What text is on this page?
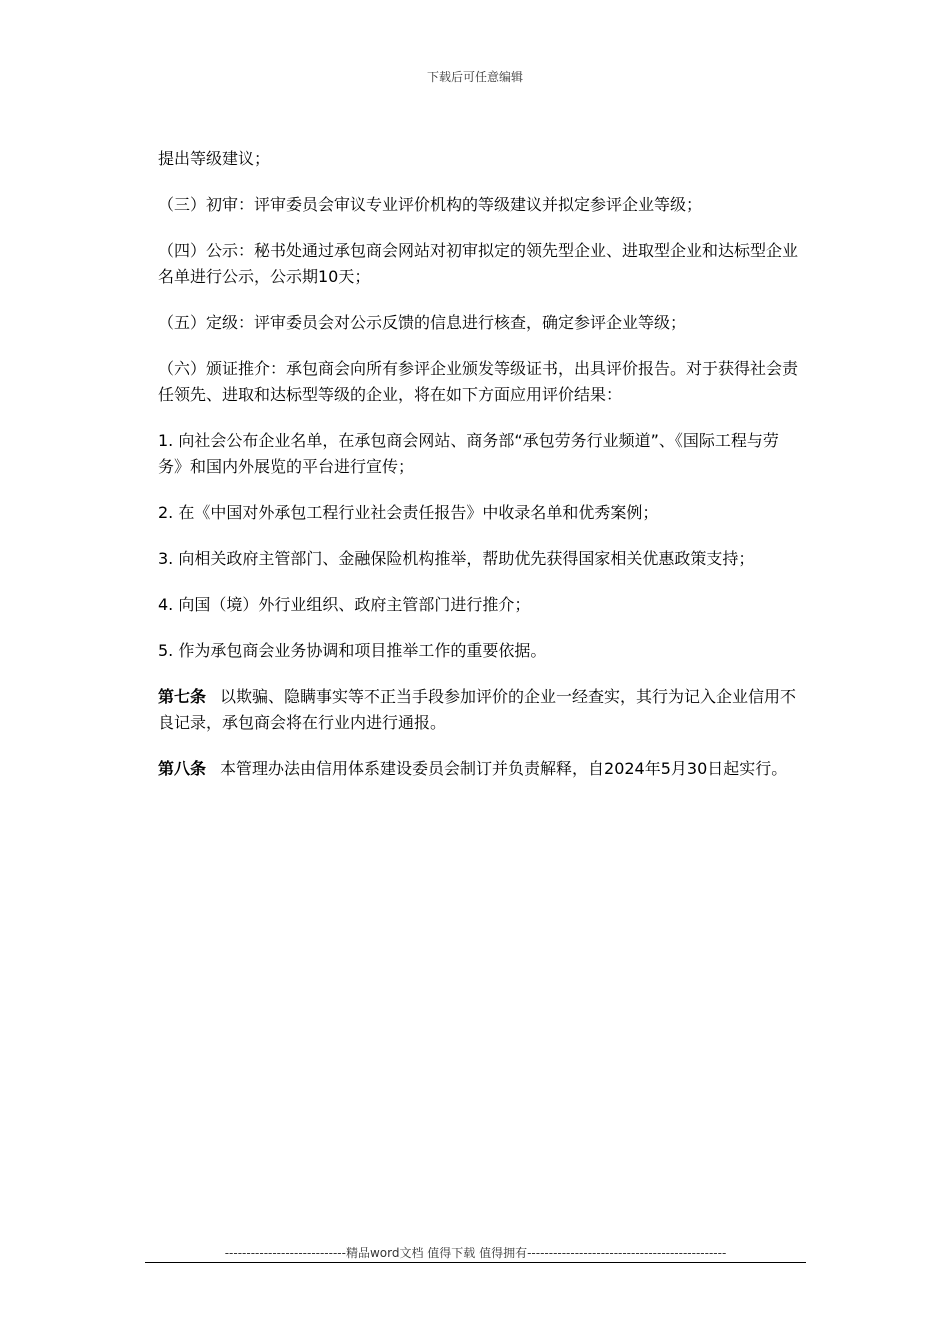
下载后可任意编辑

提出等级建议；

（三）初审：评审委员会审议专业评价机构的等级建议并拟定参评企业等级；

（四）公示：秘书处通过承包商会网站对初审拟定的领先型企业、进取型企业和达标型企业名单进行公示，公示期10天；

（五）定级：评审委员会对公示反馈的信息进行核查，确定参评企业等级；

（六）颁证推介：承包商会向所有参评企业颁发等级证书，出具评价报告。对于获得社会责任领先、进取和达标型等级的企业，将在如下方面应用评价结果：

1. 向社会公布企业名单，在承包商会网站、商务部“承包劳务行业频道”、《国际工程与劳务》和国内外展览的平台进行宣传；

2. 在《中国对外承包工程行业社会责任报告》中收录名单和优秀案例；

3. 向相关政府主管部门、金融保险机构推举，帮助优先获得国家相关优惠政策支持；

4. 向国（境）外行业组织、政府主管部门进行推介；

5. 作为承包商会业务协调和项目推举工作的重要依据。

第七条 以欺骗、隐瞒事实等不正当手段参加评价的企业一经查实，其行为记入企业信用不良记录，承包商会将在行业内进行通报。

第八条 本管理办法由信用体系建设委员会制订并负责解释，自2024年5月30日起实行。

----------------------------精品word文档 值得下载 值得拥有----------------------------------------------
